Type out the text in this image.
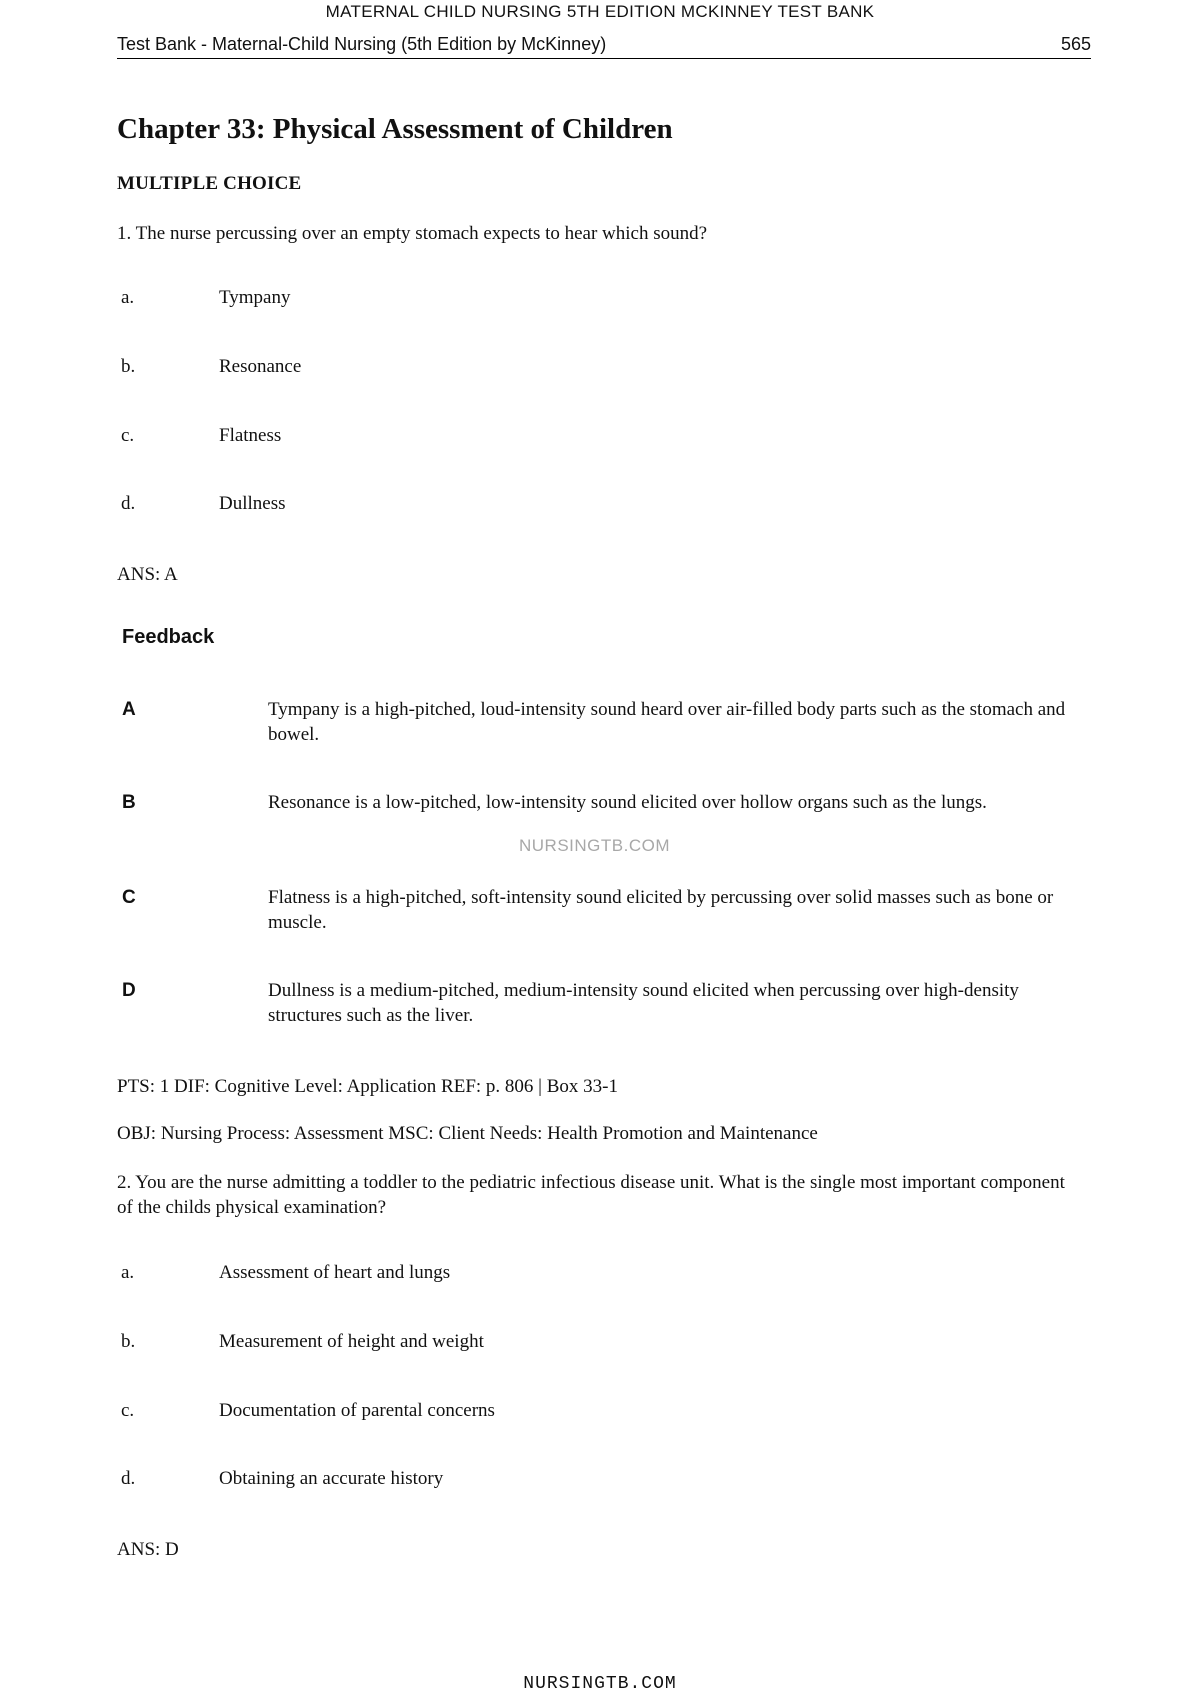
MATERNAL CHILD NURSING 5TH EDITION MCKINNEY TEST BANK
Test Bank - Maternal-Child Nursing (5th Edition by McKinney)	565
Chapter 33: Physical Assessment of Children
MULTIPLE CHOICE
1. The nurse percussing over an empty stomach expects to hear which sound?
a.	Tympany
b.	Resonance
c.	Flatness
d.	Dullness
ANS: A
Feedback
A	Tympany is a high-pitched, loud-intensity sound heard over air-filled body parts such as the stomach and bowel.
B	Resonance is a low-pitched, low-intensity sound elicited over hollow organs such as the lungs.
NURSINGTB.COM
C	Flatness is a high-pitched, soft-intensity sound elicited by percussing over solid masses such as bone or muscle.
D	Dullness is a medium-pitched, medium-intensity sound elicited when percussing over high-density structures such as the liver.
PTS: 1 DIF: Cognitive Level: Application REF: p. 806 | Box 33-1
OBJ: Nursing Process: Assessment MSC: Client Needs: Health Promotion and Maintenance
2. You are the nurse admitting a toddler to the pediatric infectious disease unit. What is the single most important component of the childs physical examination?
a.	Assessment of heart and lungs
b.	Measurement of height and weight
c.	Documentation of parental concerns
d.	Obtaining an accurate history
ANS: D
NURSINGTB.COM
